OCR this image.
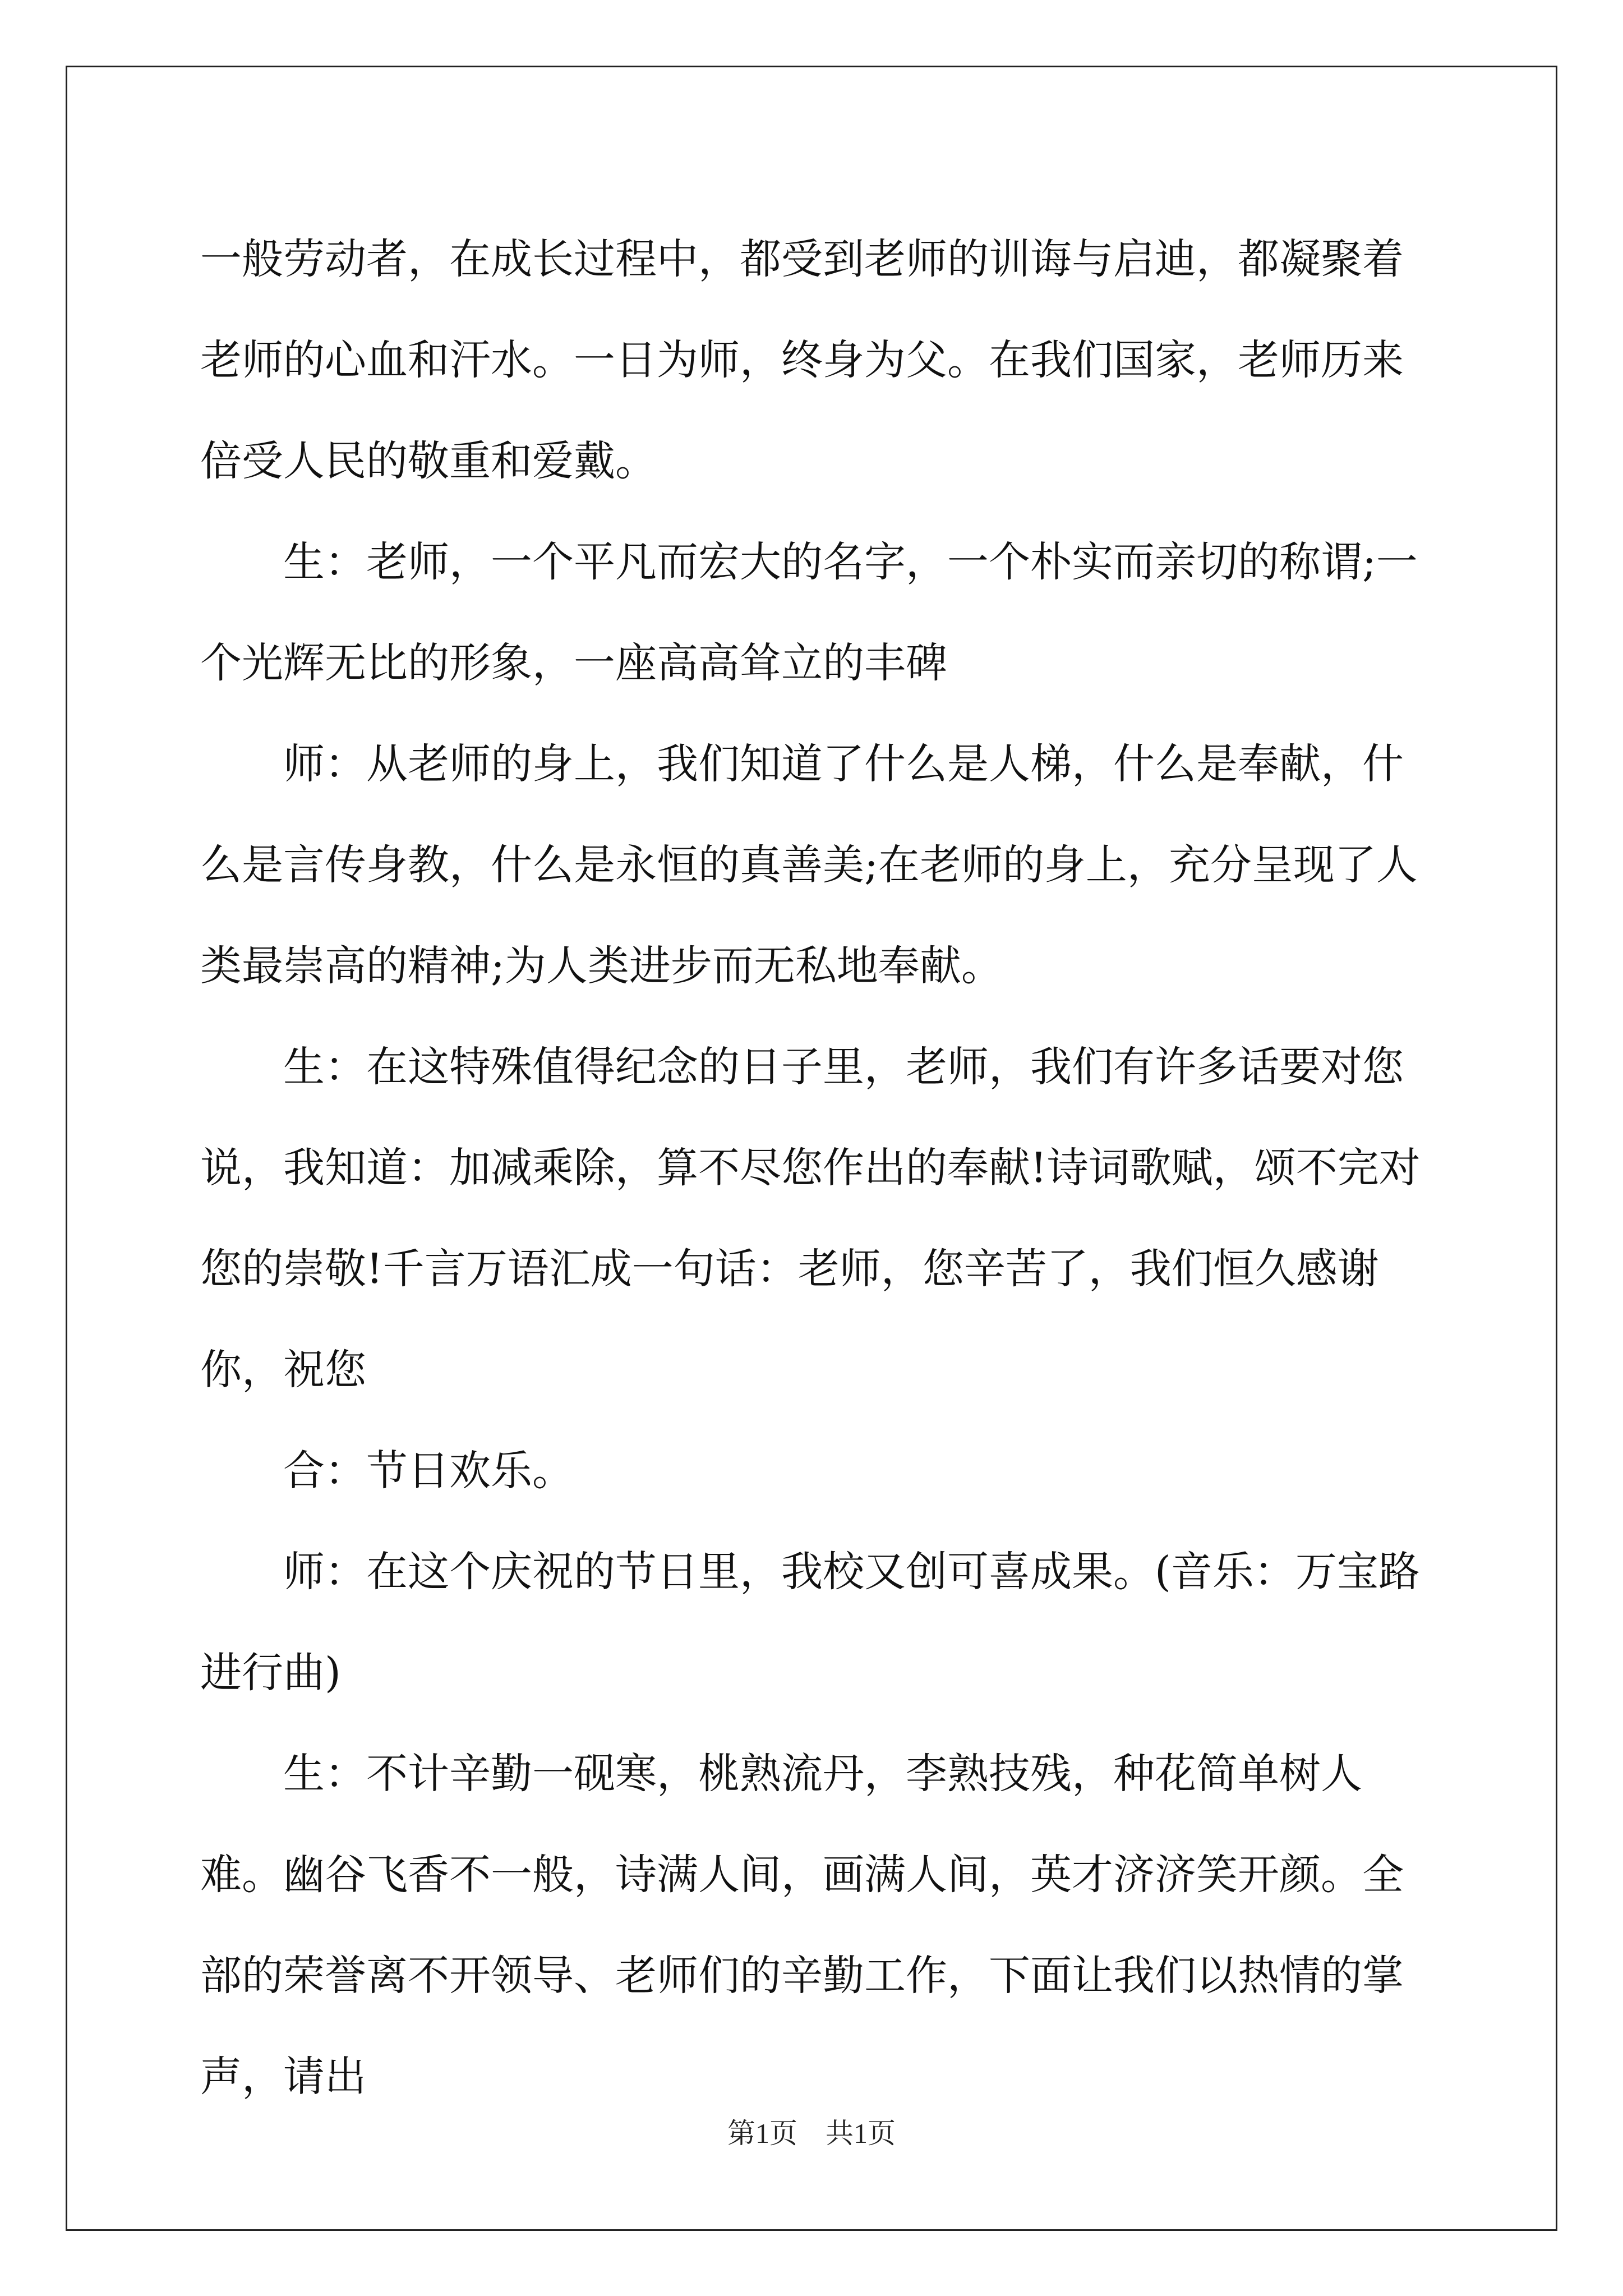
一般劳动者，在成长过程中，都受到老师的训诲与启迪，都凝聚着老师的心血和汗水。一日为师，终身为父。在我们国家，老师历来倍受人民的敬重和爱戴。

生：老师，一个平凡而宏大的名字，一个朴实而亲切的称谓;一个光辉无比的形象，一座高高耸立的丰碑

师：从老师的身上，我们知道了什么是人梯，什么是奉献，什么是言传身教，什么是永恒的真善美;在老师的身上，充分呈现了人类最崇高的精神;为人类进步而无私地奉献。

生：在这特殊值得纪念的日子里，老师，我们有许多话要对您说，我知道：加减乘除，算不尽您作出的奉献!诗词歌赋，颂不完对您的崇敬!千言万语汇成一句话：老师，您辛苦了，我们恒久感谢你，祝您

合：节日欢乐。

师：在这个庆祝的节日里，我校又创可喜成果。(音乐：万宝路进行曲)

生：不计辛勤一砚寒，桃熟流丹，李熟技残，种花简单树人难。幽谷飞香不一般，诗满人间，画满人间，英才济济笑开颜。全部的荣誉离不开领导、老师们的辛勤工作，下面让我们以热情的掌声，请出

第1页　共1页
